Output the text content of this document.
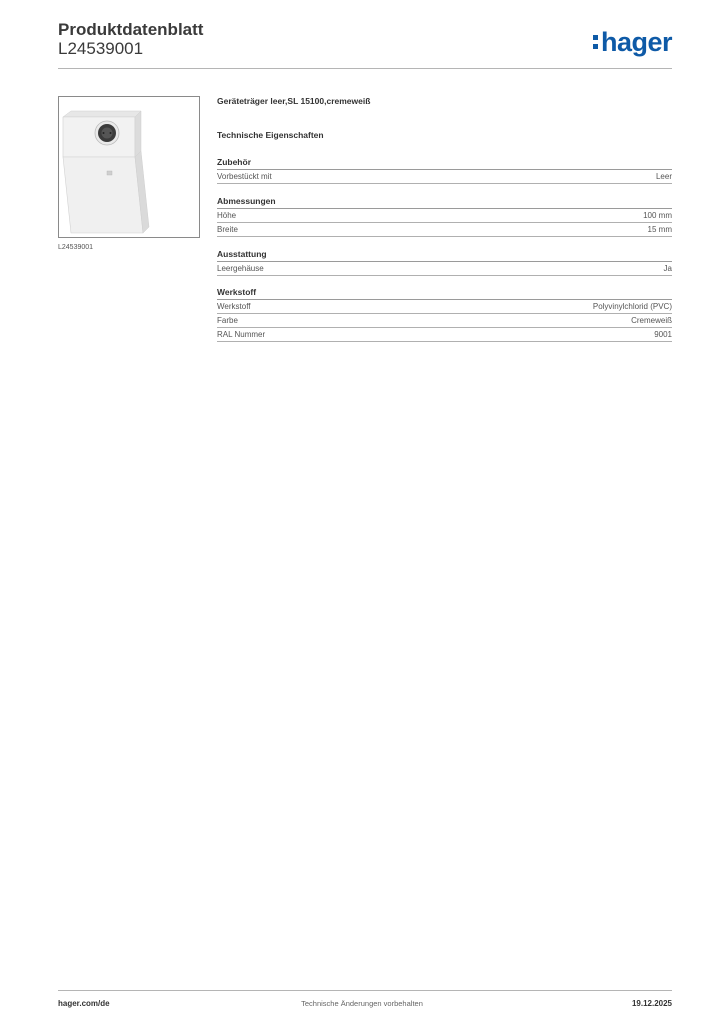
Produktdatenblatt
L24539001	hager
L24539001
Geräteträger leer,SL 15100,cremeweiß
Technische Eigenschaften
Zubehör
Vorbestückt mit	Leer
Abmessungen
Höhe	100 mm
Breite	15 mm
Ausstattung
Leergehäuse	Ja
Werkstoff
Werkstoff	Polyvinylchlorid (PVC)
Farbe	Cremeweiß
RAL Nummer	9001
hager.com/de	Technische Änderungen vorbehalten	19.12.2025
